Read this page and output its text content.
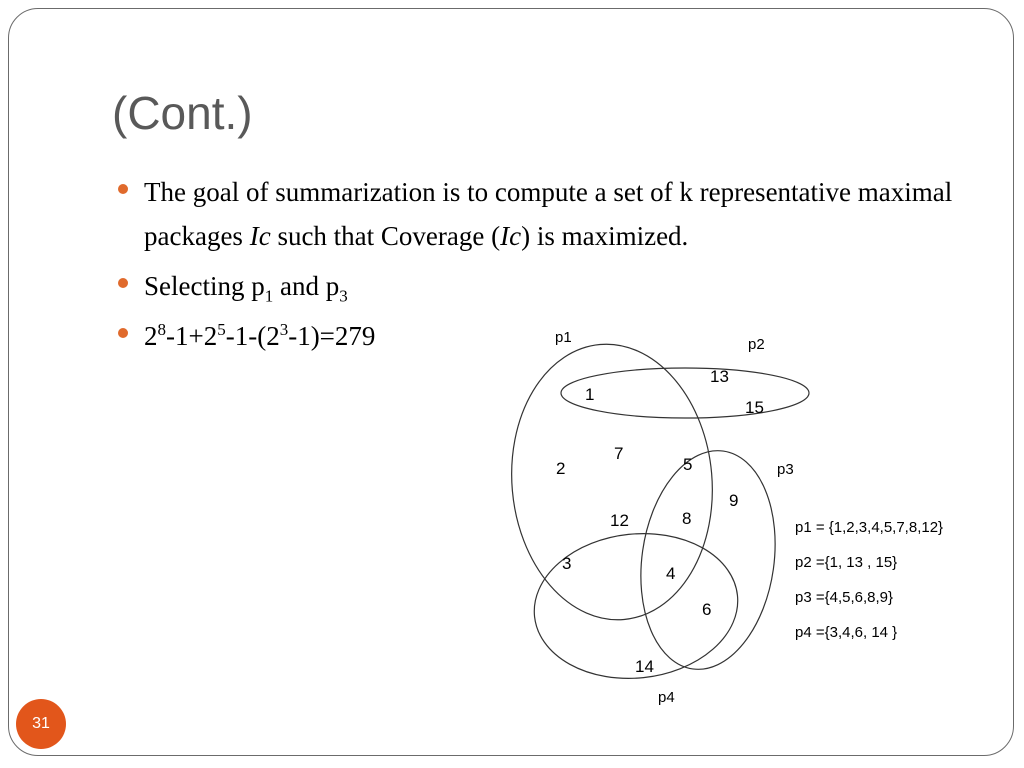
(Cont.)
The goal of summarization is to compute a set of k representative maximal packages Ic such that Coverage (Ic) is maximized.
Selecting $p_1$ and $p_3$
$2^8-1+2^5-1-(2^3-1)=279$	p1	p2
p3
p4
1
13
15
2
7
5
9
12	8
3
4
6
14
p1 = {1,2,3,4,5,7,8,12}
p2 ={1, 13 , 15}
p3 ={4,5,6,8,9}
p4 ={3,4,6, 14 }
31
